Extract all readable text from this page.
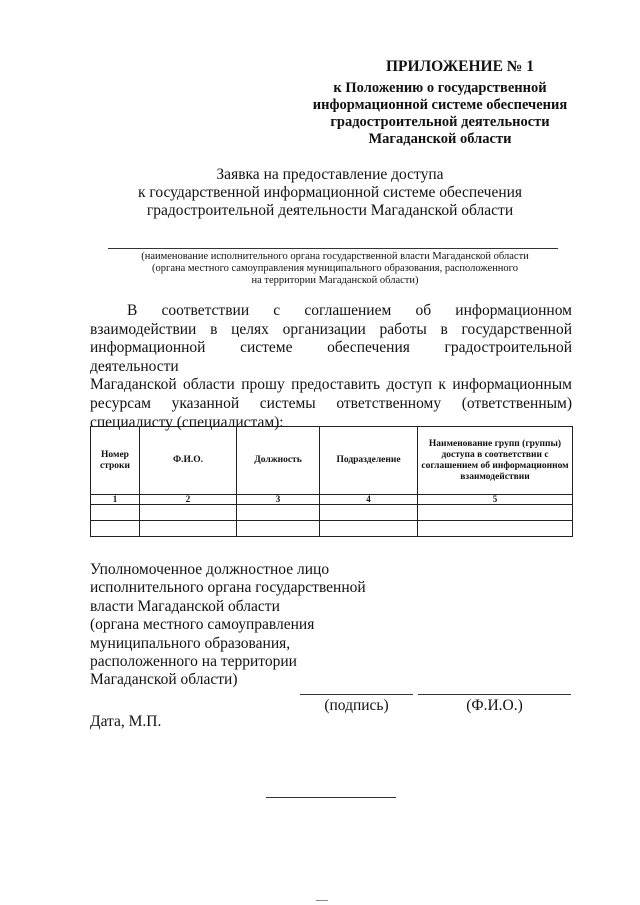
ПРИЛОЖЕНИЕ № 1
к Положению о государственной
информационной системе обеспечения
градостроительной деятельности
Магаданской области
Заявка на предоставление доступа
к государственной информационной системе обеспечения
градостроительной деятельности Магаданской области
(наименование исполнительного органа государственной власти Магаданской области
(органа местного самоуправления муниципального образования, расположенного
на территории Магаданской области)
В соответствии с соглашением об информационном
взаимодействии в целях организации работы в государственной
информационной системе обеспечения градостроительной деятельности
Магаданской области прошу предоставить доступ к информационным
ресурсам указанной системы ответственному (ответственным)
специалисту (специалистам):
Номер строки	Ф.И.О.	Должность	Подразделение	Наименование групп (группы) доступа в соответствии с соглашением об информационном взаимодействии
1	2	3	4	5

Уполномоченное должностное лицо
исполнительного органа государственной
власти Магаданской области
(органа местного самоуправления
муниципального образования,
расположенного на территории
Магаданской области)
(подпись)	(Ф.И.О.)
Дата, М.П.
